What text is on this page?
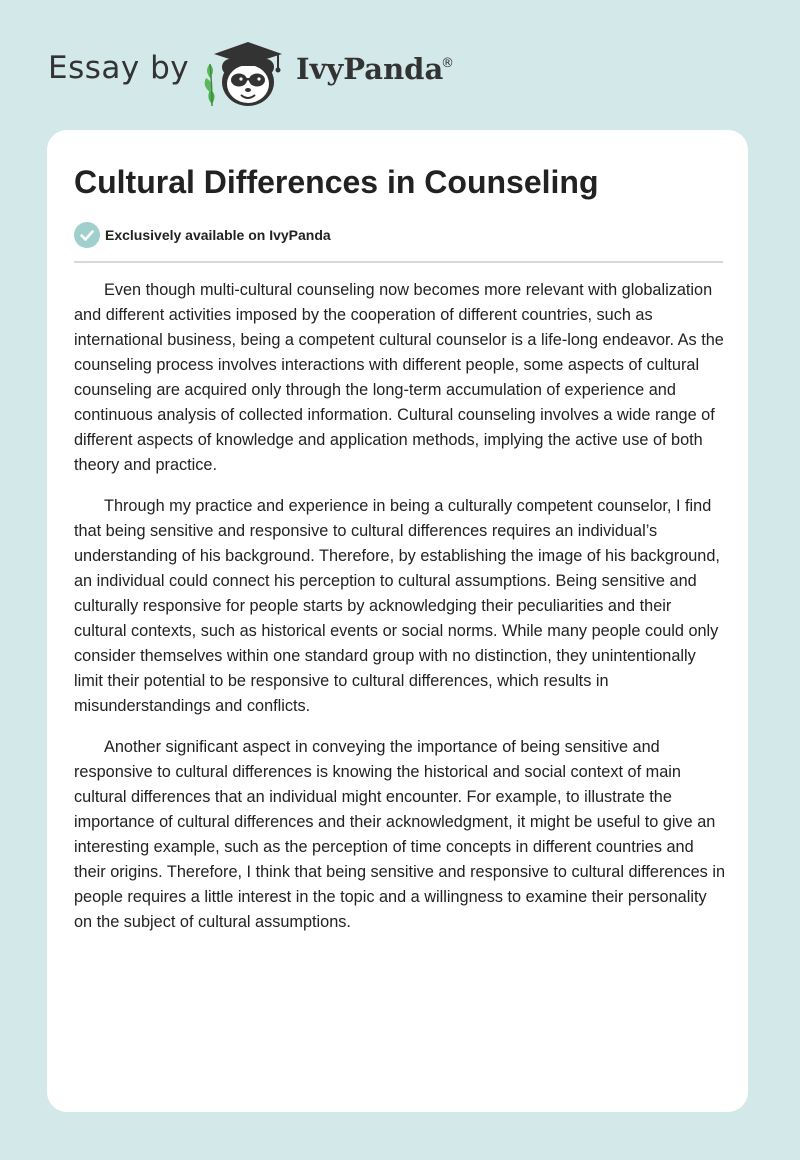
Essay by	IvyPanda
®
Cultural Differences in Counseling
Exclusively available on IvyPanda

Even though multi-cultural counseling now becomes more relevant with globalization and different activities imposed by the cooperation of different countries, such as international business, being a competent cultural counselor is a life-long endeavor. As the counseling process involves interactions with different people, some aspects of cultural counseling are acquired only through the long-term accumulation of experience and continuous analysis of collected information. Cultural counseling involves a wide range of different aspects of knowledge and application methods, implying the active use of both theory and practice.

Through my practice and experience in being a culturally competent counselor, I find that being sensitive and responsive to cultural differences requires an individual’s understanding of his background. Therefore, by establishing the image of his background, an individual could connect his perception to cultural assumptions. Being sensitive and culturally responsive for people starts by acknowledging their peculiarities and their cultural contexts, such as historical events or social norms. While many people could only consider themselves within one standard group with no distinction, they unintentionally limit their potential to be responsive to cultural differences, which results in misunderstandings and conflicts.

Another significant aspect in conveying the importance of being sensitive and responsive to cultural differences is knowing the historical and social context of main cultural differences that an individual might encounter. For example, to illustrate the importance of cultural differences and their acknowledgment, it might be useful to give an interesting example, such as the perception of time concepts in different countries and their origins. Therefore, I think that being sensitive and responsive to cultural differences in people requires a little interest in the topic and a willingness to examine their personality on the subject of cultural assumptions.
